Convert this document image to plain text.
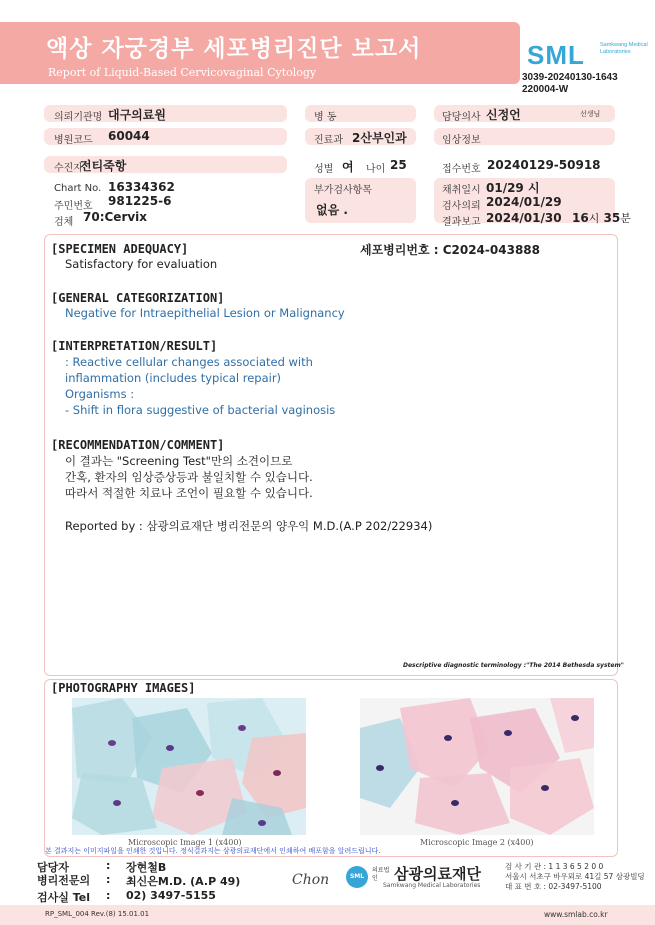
액상 자궁경부 세포병리진단 보고서
Report of Liquid-Based Cervicovaginal Cytology
SML	Samkwang Medical Laboratories
3039-20240130-1643 220004-W
의뢰기관명 대구의료원	병 동	담당의사 신정언	선생님
병원코드 60044	진료과 2산부인과	임상정보
수진자
전티죽항	성별 여 나이 25	접수번호 20240129-50918
Chart No. 16334362
주민번호 981225-6
검체 70:Cervix
부가검사항목
없음 .
채취일시 01/29 시
검사의뢰 2024/01/29
결과보고 2024/01/30 16시 35분
[SPECIMEN ADEQUACY]	세포병리번호 : C2024-043888
Satisfactory for evaluation
[GENERAL CATEGORIZATION]
Negative for Intraepithelial Lesion or Malignancy
[INTERPRETATION/RESULT]
: Reactive cellular changes associated with
inflammation (includes typical repair)
Organisms :
- Shift in flora suggestive of bacterial vaginosis
[RECOMMENDATION/COMMENT]
이 결과는 "Screening Test"만의 소견이므로
간혹, 환자의 임상증상등과 불일치할 수 있습니다.
따라서 적절한 치료나 조언이 필요할 수 있습니다.
Reported by : 삼광의료재단 병리전문의 양우익 M.D.(A.P 202/22934)
Descriptive diagnostic terminology :"The 2014 Bethesda system"
[PHOTOGRAPHY IMAGES]
Microscopic Image 1 (x400)	Microscopic Image 2 (x400)
본 결과지는 이미지파일을 인쇄한 것입니다. 정식결과지는 삼광의료재단에서 인쇄하여 배포함을 알려드립니다.
담당자	: 장현철B
병리전문의 : 최신은M.D. (A.P 49)
검사실 Tel : 02) 3497-5155
Chon	SML
의료법인	삼광의료재단
Samkwang Medical Laboratories
검 사 기 관 : 1 1 3 6 5 2 0 0
서울시 서초구 바우뫼로 41길 57 삼광빌딩
대 표 번 호 : 02-3497-5100
RP_SML_004 Rev.(8) 15.01.01	www.smlab.co.kr
